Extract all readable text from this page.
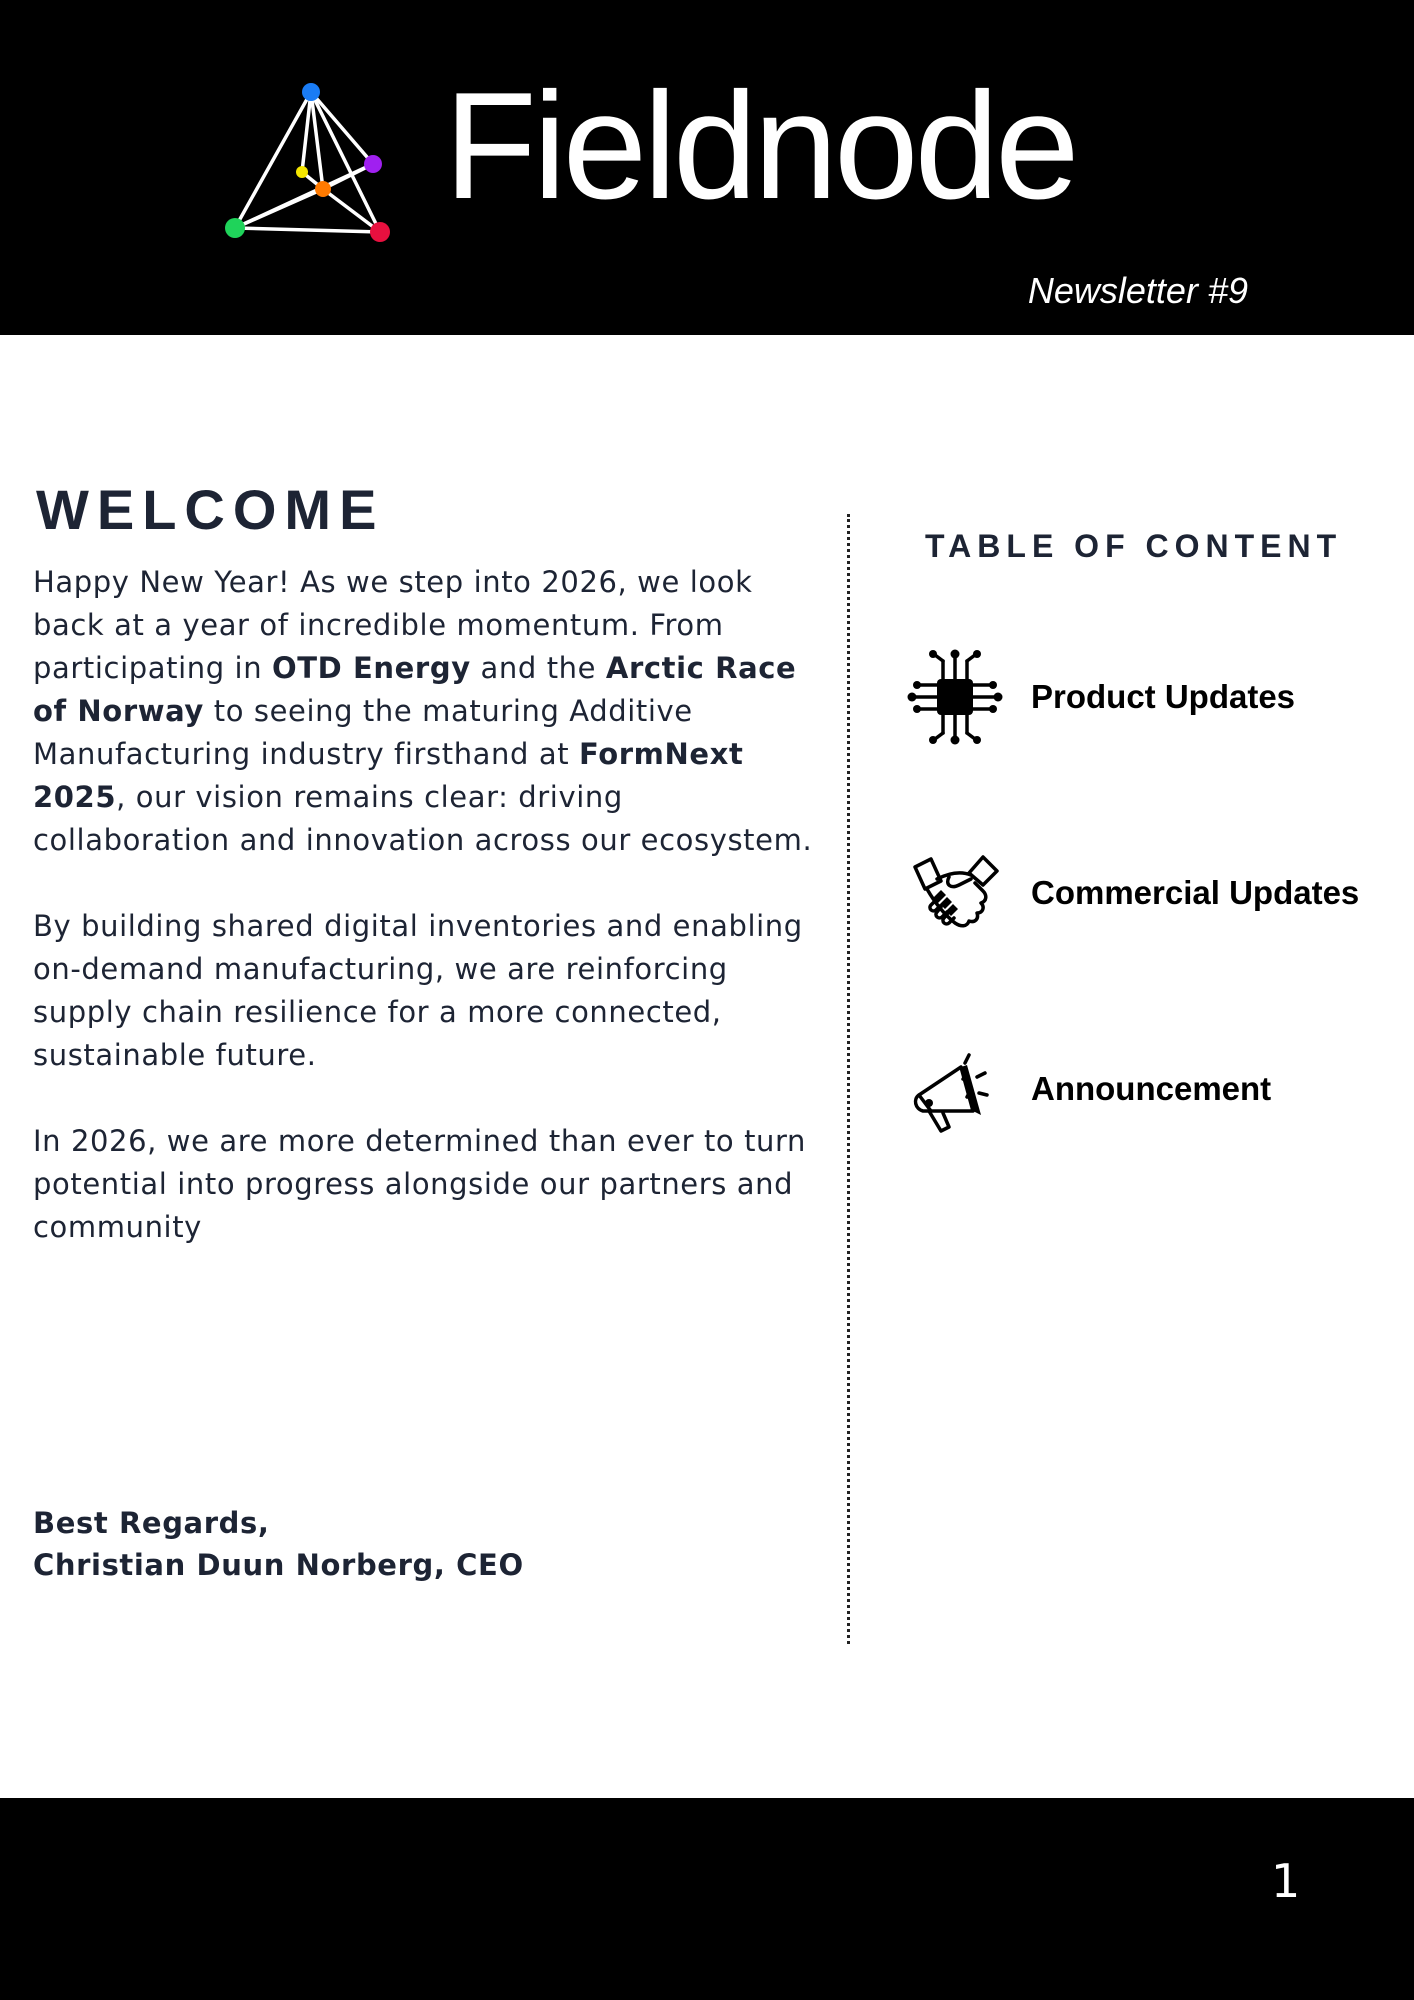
Fieldnode
Newsletter #9
WELCOME

Happy New Year! As we step into 2026, we look back at a year of incredible momentum. From participating in OTD Energy and the Arctic Race of Norway to seeing the maturing Additive Manufacturing industry firsthand at FormNext 2025, our vision remains clear: driving collaboration and innovation across our ecosystem.

By building shared digital inventories and enabling on-demand manufacturing, we are reinforcing supply chain resilience for a more connected, sustainable future.

In 2026, we are more determined than ever to turn potential into progress alongside our partners and community

Best Regards,
Christian Duun Norberg, CEO
TABLE OF CONTENT
Product Updates
Commercial Updates
Announcement
1
